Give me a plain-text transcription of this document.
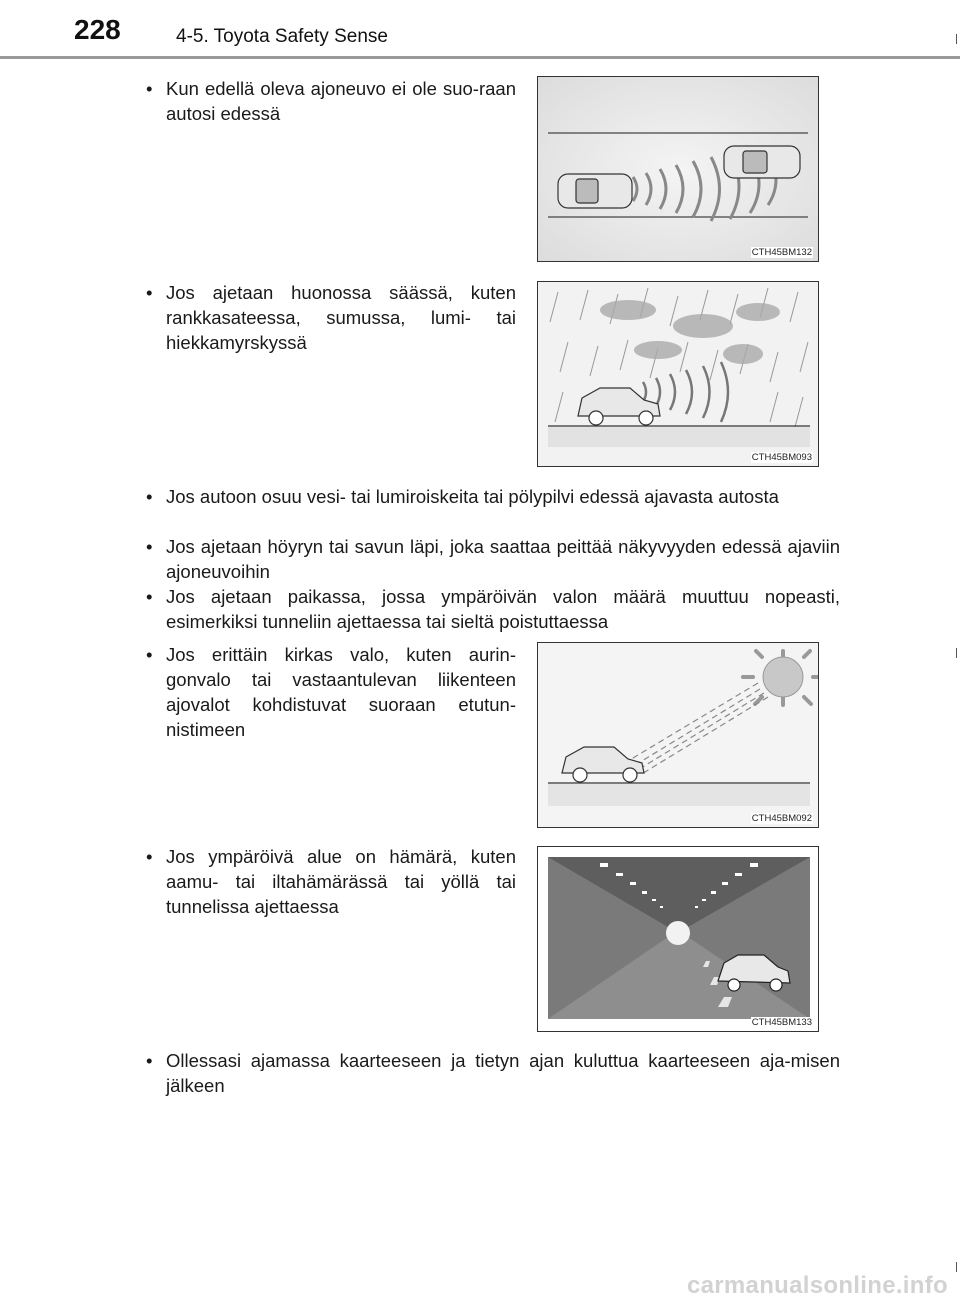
228	4-5. Toyota Safety Sense
• Kun edellä oleva ajoneuvo ei ole suo-raan autosi edessä
CTH45BM132
• Jos ajetaan huonossa säässä, kuten rankkasateessa, sumussa, lumi- tai hiekkamyrskyssä
CTH45BM093
• Jos autoon osuu vesi- tai lumiroiskeita tai pölypilvi edessä ajavasta autosta
• Jos ajetaan höyryn tai savun läpi, joka saattaa peittää näkyvyyden edessä ajaviin ajoneuvoihin
• Jos ajetaan paikassa, jossa ympäröivän valon määrä muuttuu nopeasti, esimerkiksi tunneliin ajettaessa tai sieltä poistuttaessa
• Jos erittäin kirkas valo, kuten aurin-gonvalo tai vastaantulevan liikenteen ajovalot kohdistuvat suoraan etutun-nistimeen
CTH45BM092
• Jos ympäröivä alue on hämärä, kuten aamu- tai iltahämärässä tai yöllä tai tunnelissa ajettaessa
CTH45BM133
• Ollessasi ajamassa kaarteeseen ja tietyn ajan kuluttua kaarteeseen aja-misen jälkeen
carmanualsonline.info
